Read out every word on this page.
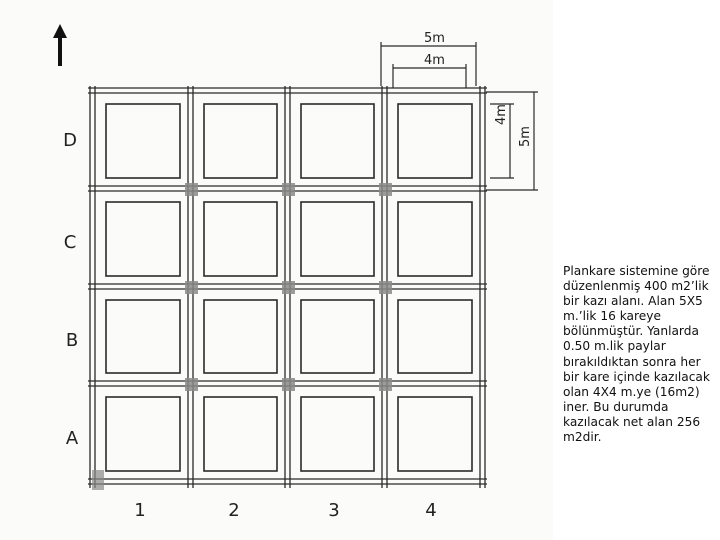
D
C
B
A
1	2	3	4
5m
4m
4m
5m
Plankare sistemine göre düzenlenmiş 400 m2’lik bir kazı alanı. Alan 5X5 m.’lik 16 kareye bölünmüştür. Yanlarda 0.50 m.lik paylar bırakıldıktan sonra her bir kare içinde kazılacak olan 4X4 m.ye (16m2) iner. Bu durumda kazılacak net alan 256 m2dir.
